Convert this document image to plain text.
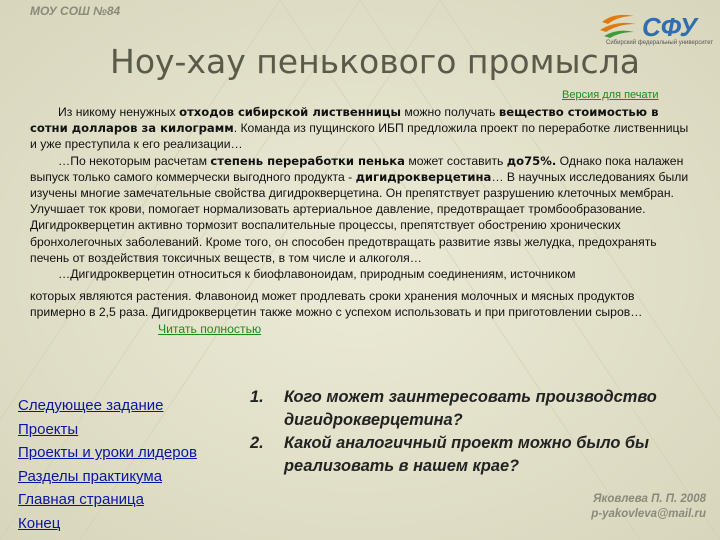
МОУ СОШ №84
СФУ
Сибирский федеральный университет
Ноу-хау пенькового промысла
Версия для печати

Из никому ненужных отходов сибирской лиственницы можно получать вещество стоимостью в сотни долларов за килограмм. Команда из пущинского ИБП предложила проект по переработке лиственницы и уже преступила к его реализации…

…По некоторым расчетам степень переработки пенька может составить до75%. Однако пока налажен выпуск только самого коммерчески выгодного продукта - дигидрокверцетина… В научных исследованиях были изучены многие замечательные свойства дигидрокверцетина. Он препятствует разрушению клеточных мембран. Улучшает ток крови, помогает нормализовать артериальное давление, предотвращает тромбообразование. Дигидрокверцетин активно тормозит воспалительные процессы, препятствует обострению хронических бронхолегочных заболеваний. Кроме того, он способен предотвращать развитие язвы желудка, предохранять печень от воздействия токсичных веществ, в том числе и алкоголя…

…Дигидрокверцетин относиться к биофлавоноидам, природным соединениям, источником

которых являются растения. Флавоноид может продлевать сроки хранения молочных и мясных продуктов примерно в 2,5 раза. Дигидрокверцетин также можно с успехом использовать и при приготовлении сыров…
Читать полностью

Следующее задание
Проекты
Проекты и уроки лидеров
Разделы практикума
Главная страница
Конец
1.	Кого может заинтересовать производство дигидрокверцетина?
2.	Какой аналогичный проект можно было бы реализовать в нашем крае?
Яковлева П. П. 2008
p-yakovleva@mail.ru
